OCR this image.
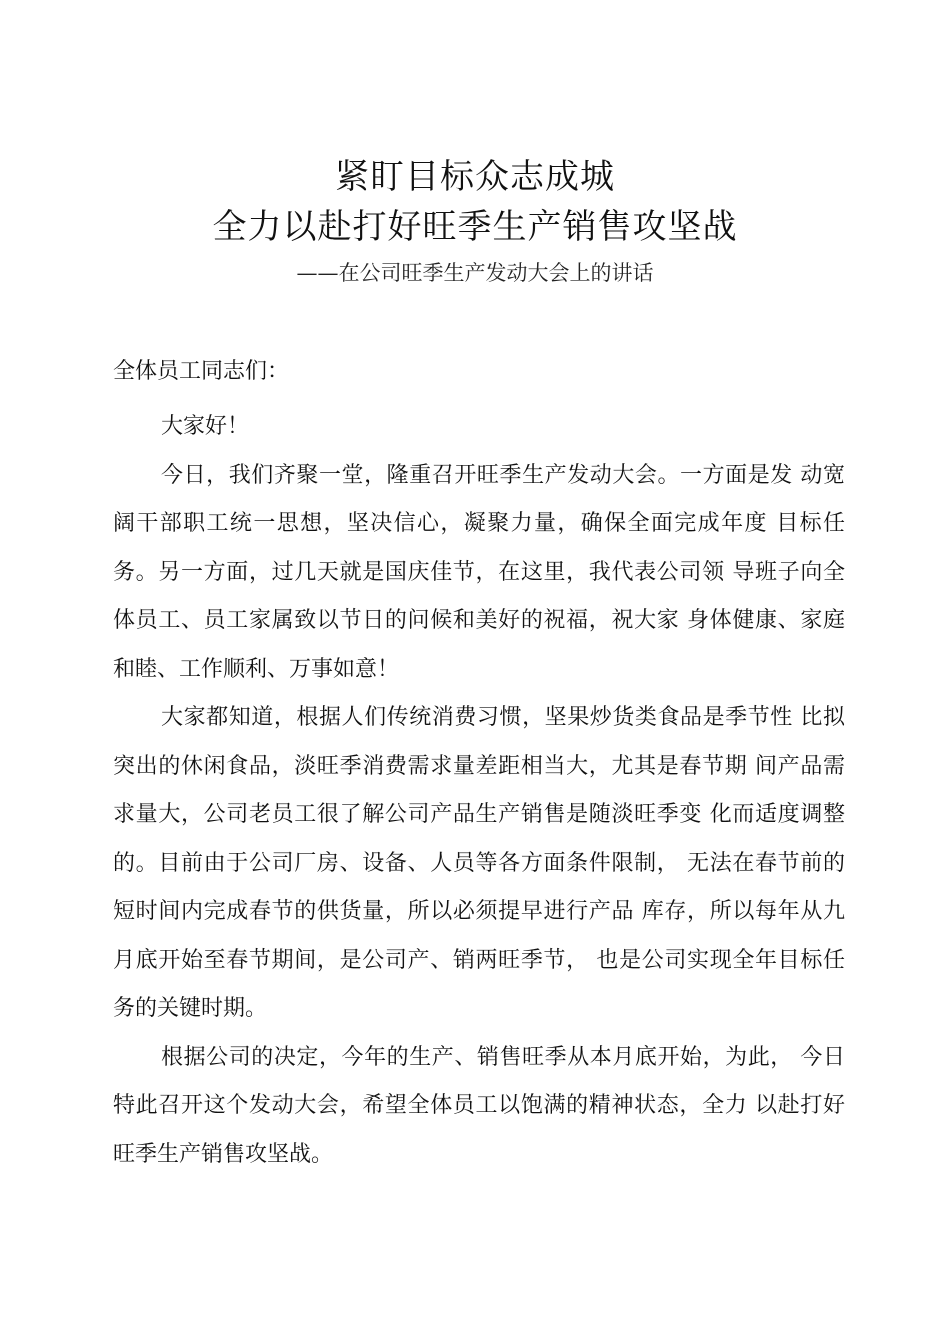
紧盯目标众志成城
全力以赴打好旺季生产销售攻坚战
——在公司旺季生产发动大会上的讲话
全体员工同志们：

大家好！

今日，我们齐聚一堂，隆重召开旺季生产发动大会。一方面是发 动宽
阔干部职工统一思想，坚决信心，凝聚力量，确保全面完成年度 目标任
务。另一方面，过几天就是国庆佳节，在这里，我代表公司领 导班子向全
体员工、员工家属致以节日的问候和美好的祝福，祝大家 身体健康、家庭
和睦、工作顺利、万事如意！

大家都知道，根据人们传统消费习惯，坚果炒货类食品是季节性 比拟
突出的休闲食品，淡旺季消费需求量差距相当大，尤其是春节期 间产品需
求量大，公司老员工很了解公司产品生产销售是随淡旺季变 化而适度调整
的。目前由于公司厂房、设备、人员等各方面条件限制， 无法在春节前的
短时间内完成春节的供货量，所以必须提早进行产品 库存，所以每年从九
月底开始至春节期间，是公司产、销两旺季节， 也是公司实现全年目标任
务的关键时期。

根据公司的决定，今年的生产、销售旺季从本月底开始，为此， 今日
特此召开这个发动大会，希望全体员工以饱满的精神状态，全力 以赴打好
旺季生产销售攻坚战。
